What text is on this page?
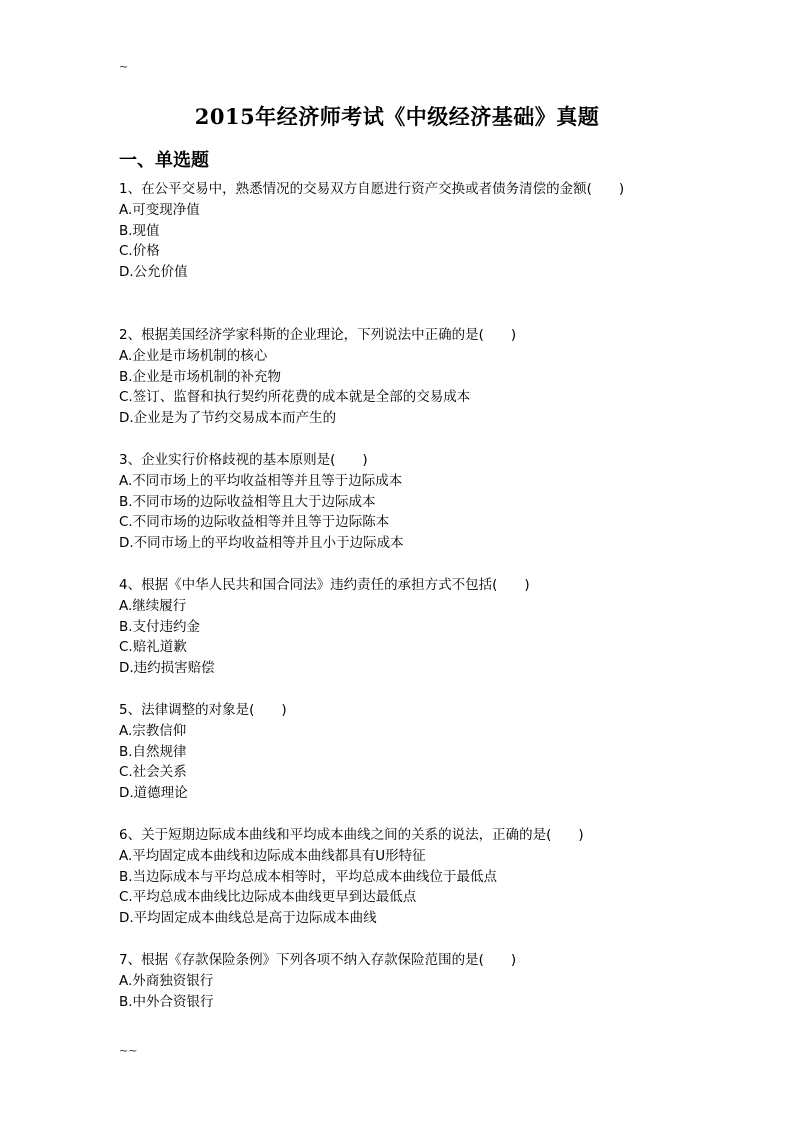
~
2015年经济师考试《中级经济基础》真题
一、单选题
1、在公平交易中，熟悉情况的交易双方自愿进行资产交换或者债务清偿的金额(　　)
A.可变现净值
B.现值
C.价格
D.公允价值
2、根据美国经济学家科斯的企业理论，下列说法中正确的是(　　)
A.企业是市场机制的核心
B.企业是市场机制的补充物
C.签订、监督和执行契约所花费的成本就是全部的交易成本
D.企业是为了节约交易成本而产生的
3、企业实行价格歧视的基本原则是(　　)
A.不同市场上的平均收益相等并且等于边际成本
B.不同市场的边际收益相等且大于边际成本
C.不同市场的边际收益相等并且等于边际陈本
D.不同市场上的平均收益相等并且小于边际成本
4、根据《中华人民共和国合同法》违约责任的承担方式不包括(　　)
A.继续履行
B.支付违约金
C.赔礼道歉
D.违约损害赔偿
5、法律调整的对象是(　　)
A.宗教信仰
B.自然规律
C.社会关系
D.道德理论
6、关于短期边际成本曲线和平均成本曲线之间的关系的说法，正确的是(　　)
A.平均固定成本曲线和边际成本曲线都具有U形特征
B.当边际成本与平均总成本相等时，平均总成本曲线位于最低点
C.平均总成本曲线比边际成本曲线更早到达最低点
D.平均固定成本曲线总是高于边际成本曲线
7、根据《存款保险条例》下列各项不纳入存款保险范围的是(　　)
A.外商独资银行
B.中外合资银行
~~
